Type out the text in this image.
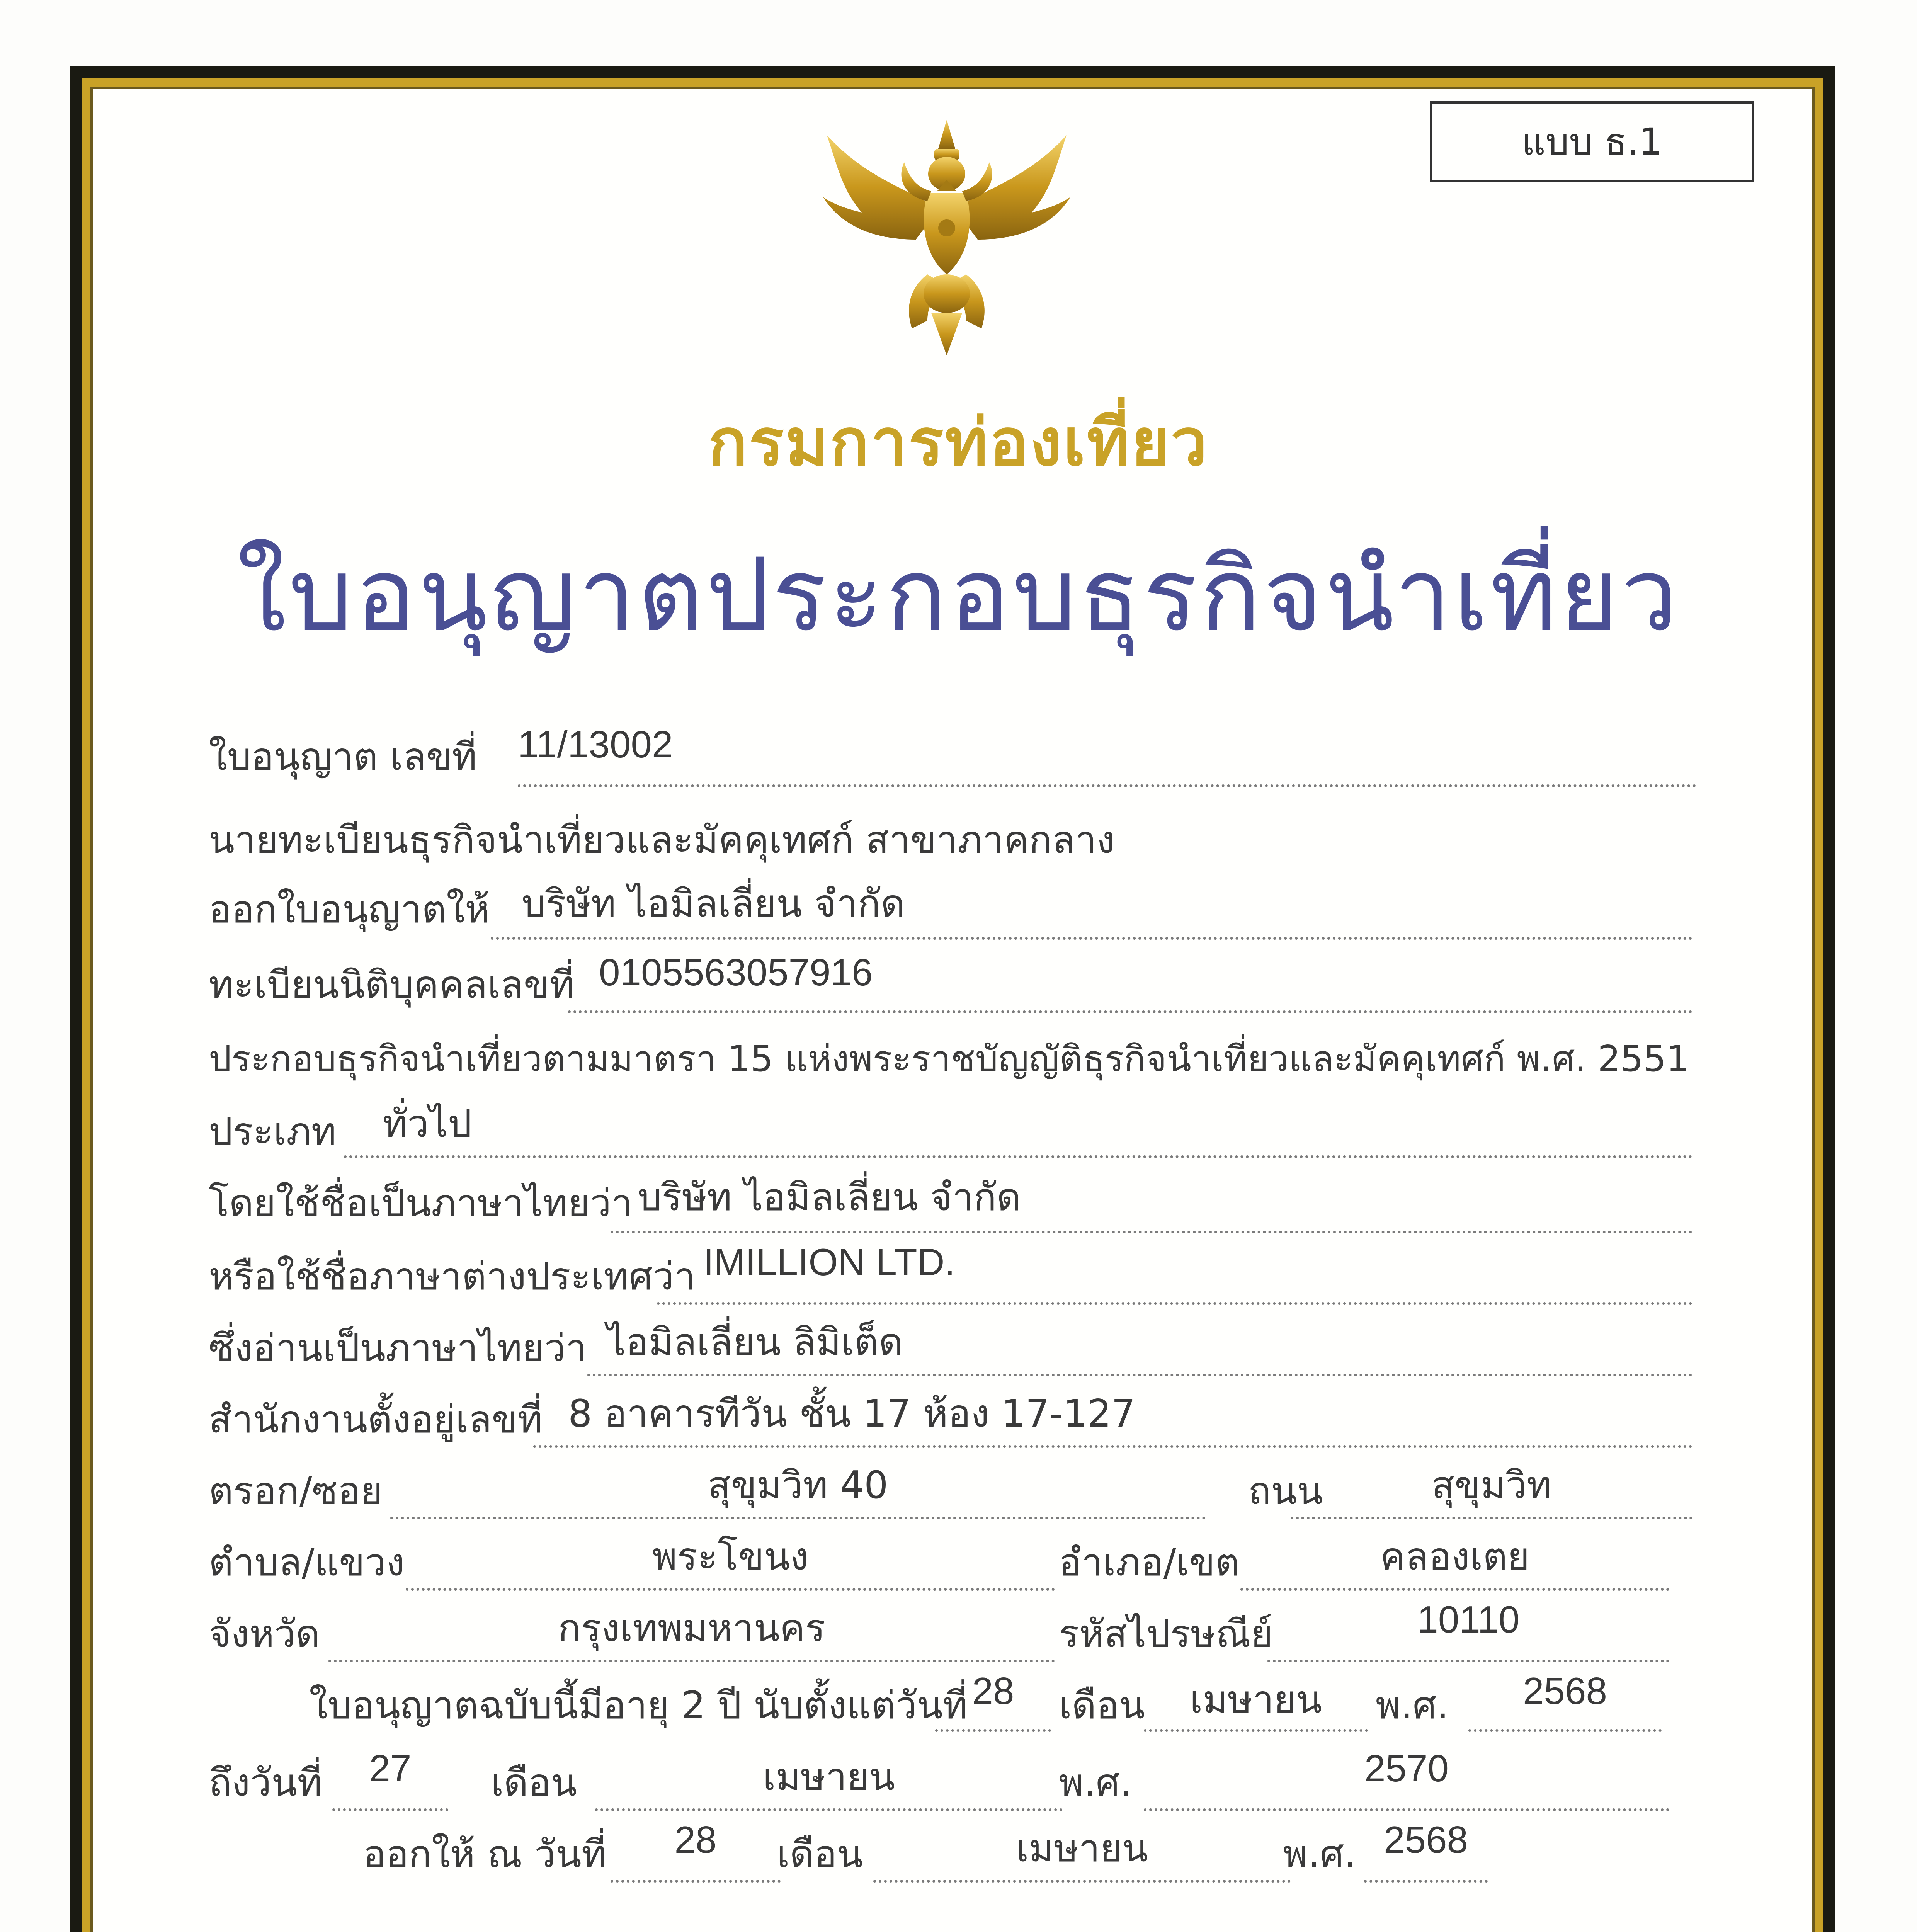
แบบ ธ.1
กรมการท่องเที่ยว
ใบอนุญาตประกอบธุรกิจนำเที่ยว
ใบอนุญาต เลขที่ 11/13002
นายทะเบียนธุรกิจนำเที่ยวและมัคคุเทศก์ สาขาภาคกลาง
ออกใบอนุญาตให้ บริษัท ไอมิลเลี่ยน จำกัด
ทะเบียนนิติบุคคลเลขที่ 0105563057916
ประกอบธุรกิจนำเที่ยวตามมาตรา 15 แห่งพระราชบัญญัติธุรกิจนำเที่ยวและมัคคุเทศก์ พ.ศ. 2551
ประเภท ทั่วไป
โดยใช้ชื่อเป็นภาษาไทยว่า บริษัท ไอมิลเลี่ยน จำกัด
หรือใช้ชื่อภาษาต่างประเทศว่า IMILLION LTD.
ซึ่งอ่านเป็นภาษาไทยว่า ไอมิลเลี่ยน ลิมิเต็ด
สำนักงานตั้งอยู่เลขที่ 8 อาคารทีวัน ชั้น 17 ห้อง 17-127
ตรอก/ซอย	สุขุมวิท 40	ถนน	สุขุมวิท
ตำบล/แขวง	พระโขนง	อำเภอ/เขต	คลองเตย
จังหวัด	กรุงเทพมหานคร	รหัสไปรษณีย์	10110
ใบอนุญาตฉบับนี้มีอายุ 2 ปี นับตั้งแต่วันที่ 28	เดือน	เมษายน	พ.ศ.	2568
ถึงวันที่	27	เดือน	เมษายน	พ.ศ.	2570
ออกให้ ณ วันที่	28	เดือน	เมษายน	พ.ศ. 2568
